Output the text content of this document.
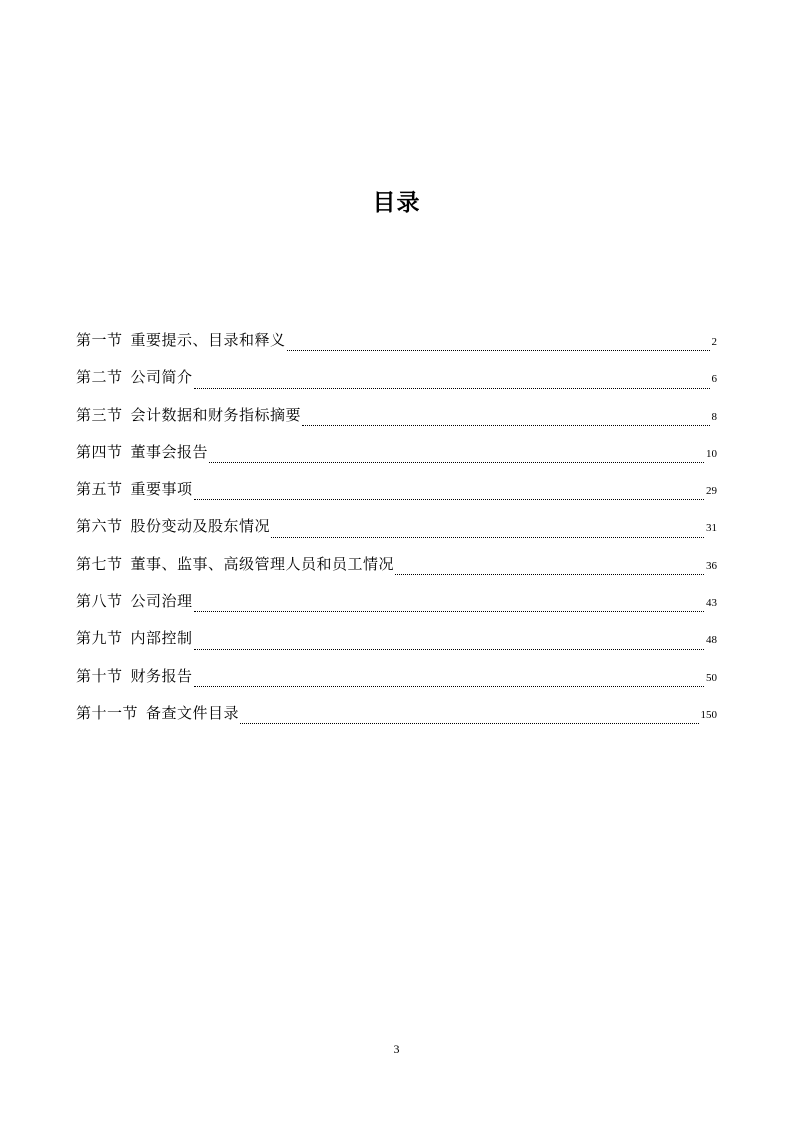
目录
第一节 重要提示、目录和释义	2
第二节 公司简介	6
第三节 会计数据和财务指标摘要	8
第四节 董事会报告	10
第五节 重要事项	29
第六节 股份变动及股东情况	31
第七节 董事、监事、高级管理人员和员工情况	36
第八节 公司治理	43
第九节 内部控制	48
第十节 财务报告	50
第十一节 备查文件目录	150
3
